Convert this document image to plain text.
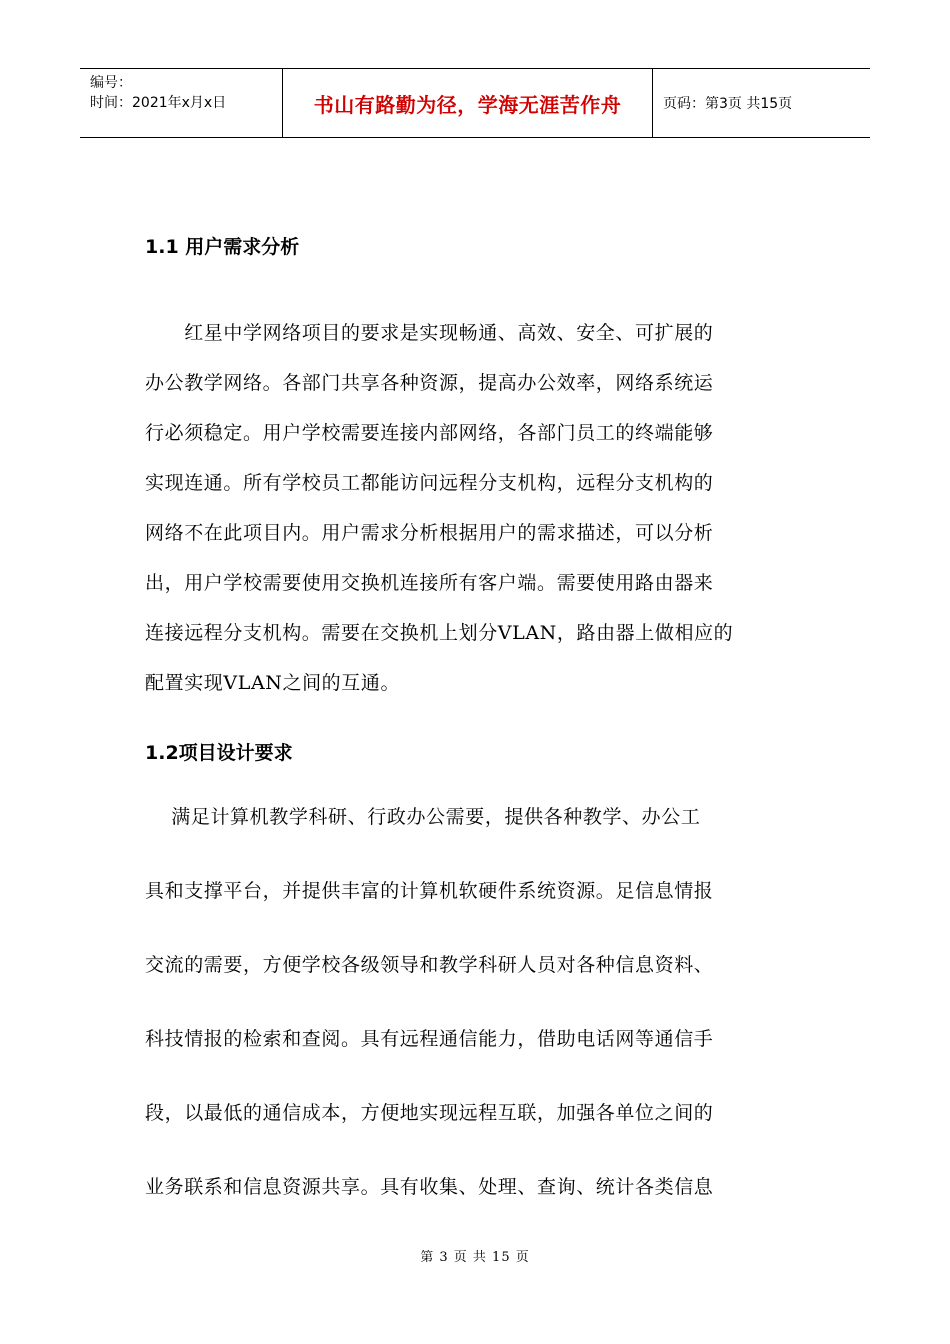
编号：
时间：2021年x月x日	书山有路勤为径，学海无涯苦作舟	页码：第3页 共15页
1.1 用户需求分析
　　红星中学网络项目的要求是实现畅通、高效、安全、可扩展的
办公教学网络。各部门共享各种资源，提高办公效率，网络系统运
行必须稳定。用户学校需要连接内部网络，各部门员工的终端能够
实现连通。所有学校员工都能访问远程分支机构，远程分支机构的
网络不在此项目内。用户需求分析根据用户的需求描述，可以分析
出，用户学校需要使用交换机连接所有客户端。需要使用路由器来
连接远程分支机构。需要在交换机上划分VLAN，路由器上做相应的
配置实现VLAN之间的互通。
1.2项目设计要求
　 满足计算机教学科研、行政办公需要，提供各种教学、办公工
具和支撑平台，并提供丰富的计算机软硬件系统资源。足信息情报
交流的需要，方便学校各级领导和教学科研人员对各种信息资料、
科技情报的检索和查阅。具有远程通信能力，借助电话网等通信手
段，以最低的通信成本，方便地实现远程互联，加强各单位之间的
业务联系和信息资源共享。具有收集、处理、查询、统计各类信息
第 3 页 共 15 页
